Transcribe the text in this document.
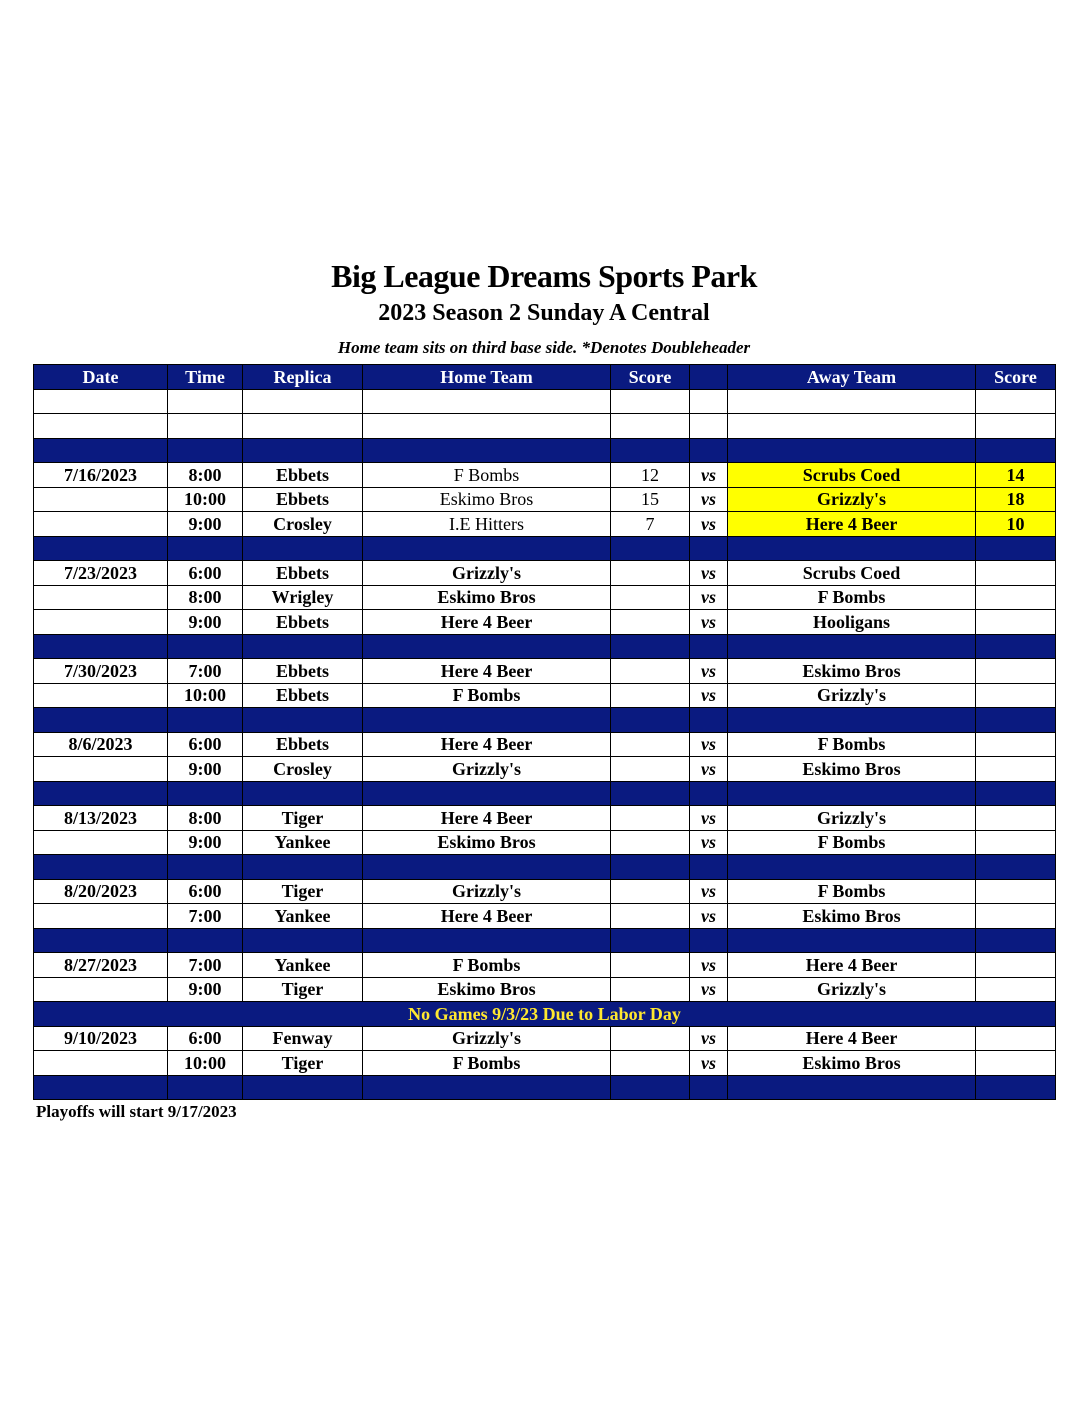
Big League Dreams Sports Park
2023 Season 2 Sunday A Central
Home team sits on third base side. *Denotes Doubleheader
Date	Time	Replica	Home Team	Score		Away Team	Score

7/16/2023	8:00	Ebbets	F Bombs	12	vs	Scrubs Coed	14
	10:00	Ebbets	Eskimo Bros	15	vs	Grizzly's	18
	9:00	Crosley	I.E Hitters	7	vs	Here 4 Beer	10

7/23/2023	6:00	Ebbets	Grizzly's		vs	Scrubs Coed	
	8:00	Wrigley	Eskimo Bros		vs	F Bombs	
	9:00	Ebbets	Here 4 Beer		vs	Hooligans	

7/30/2023	7:00	Ebbets	Here 4 Beer		vs	Eskimo Bros	
	10:00	Ebbets	F Bombs		vs	Grizzly's	

8/6/2023	6:00	Ebbets	Here 4 Beer		vs	F Bombs	
	9:00	Crosley	Grizzly's		vs	Eskimo Bros	

8/13/2023	8:00	Tiger	Here 4 Beer		vs	Grizzly's	
	9:00	Yankee	Eskimo Bros		vs	F Bombs	

8/20/2023	6:00	Tiger	Grizzly's		vs	F Bombs	
	7:00	Yankee	Here 4 Beer		vs	Eskimo Bros	

8/27/2023	7:00	Yankee	F Bombs		vs	Here 4 Beer	
	9:00	Tiger	Eskimo Bros		vs	Grizzly's	
No Games 9/3/23 Due to Labor Day							
9/10/2023	6:00	Fenway	Grizzly's		vs	Here 4 Beer	
	10:00	Tiger	F Bombs		vs	Eskimo Bros	

Playoffs will start 9/17/2023
